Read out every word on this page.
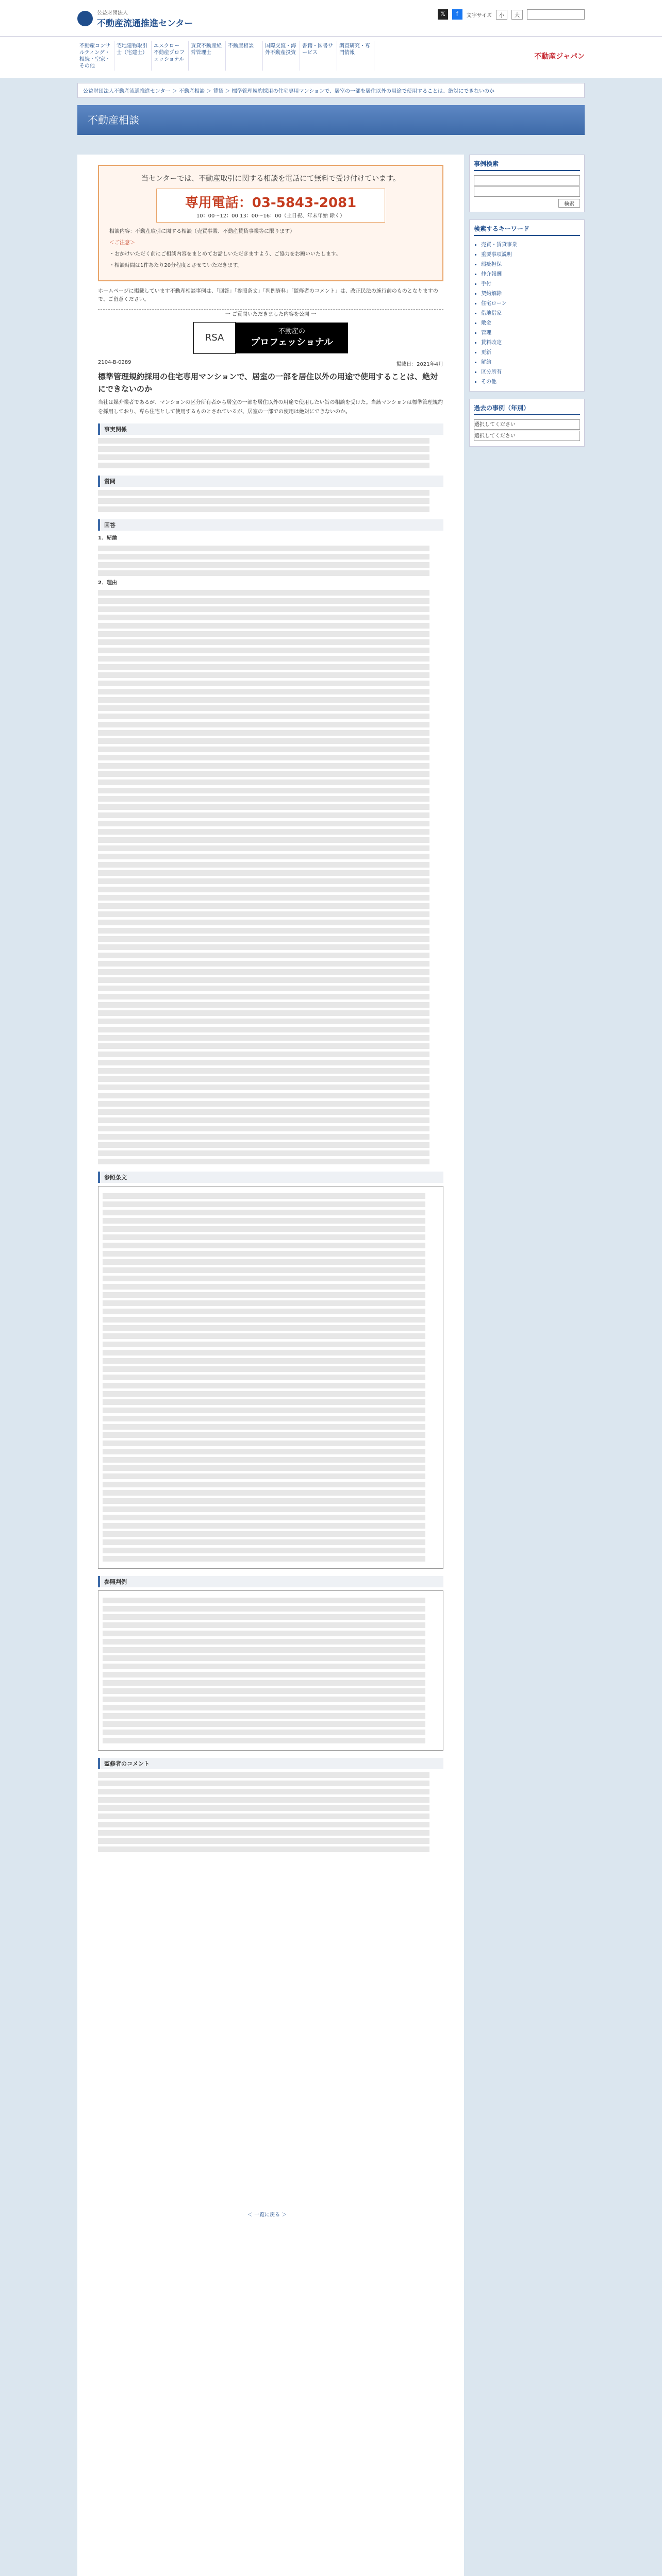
公益財団法人
不動産流通推進センター
𝕏	f	文字サイズ	小	大
不動産コンサルティング・相続・空家・その他
宅地建物取引士（宅建士）
エスクロー 不動産プロフェッショナル
賃貸不動産経営管理士
不動産相談	国際交流・海外不動産投資
書籍・図書サービス
調査研究・専門情報	不動産ジャパン
公益財団法人不動産流通推進センター ＞ 不動産相談 ＞ 賃貸 ＞ 標準管理規約採用の住宅専用マンションで、居室の一部を居住以外の用途で使用することは、絶対にできないのか
不動産相談
当センターでは、不動産取引に関する相談を電話にて無料で受け付けています。
専用電話：03-5843-2081
10：00～12：00 13：00～16：00（土日祝、年末年始 除く）

相談内容：不動産取引に関する相談（売買事業、不動産賃貸事業等に限ります）

＜ご注意＞

・おかけいただく前にご相談内容をまとめてお話しいただきますよう、ご協力をお願いいたします。

・相談時間は1件あたり20分程度とさせていただきます。

ホームページに掲載しています不動産相談事例は、「回答」「参照条文」「判例資料」「監修者のコメント」は、改正民法の施行前のものとなりますので、ご留意ください。
一 ご質問いただきました内容を公開 一
RSA
不動産の
プロフェッショナル
2104-B-0289	掲載日：2021年4月
標準管理規約採用の住宅専用マンションで、居室の一部を居住以外の用途で使用することは、絶対にできないのか
当社は媒介業者であるが、マンションの区分所有者から居室の一部を居住以外の用途で使用したい旨の相談を受けた。当該マンションは標準管理規約を採用しており、専ら住宅として使用するものとされているが、居室の一部での使用は絶対にできないのか。
事実関係
質問
回答
1．結論
2．理由
参照条文
参照判例
監修者のコメント
＜ 一覧に戻る ＞
事例検索
検索
検索するキーワード
• 売買・賃貸事業
• 重要事項説明
• 瑕疵担保
• 仲介報酬
• 手付
• 契約解除
• 住宅ローン
• 借地借家
• 敷金
• 管理
• 賃料改定
• 更新
• 解約
• 区分所有
• その他
過去の事例（年別）
選択してください
選択してください
